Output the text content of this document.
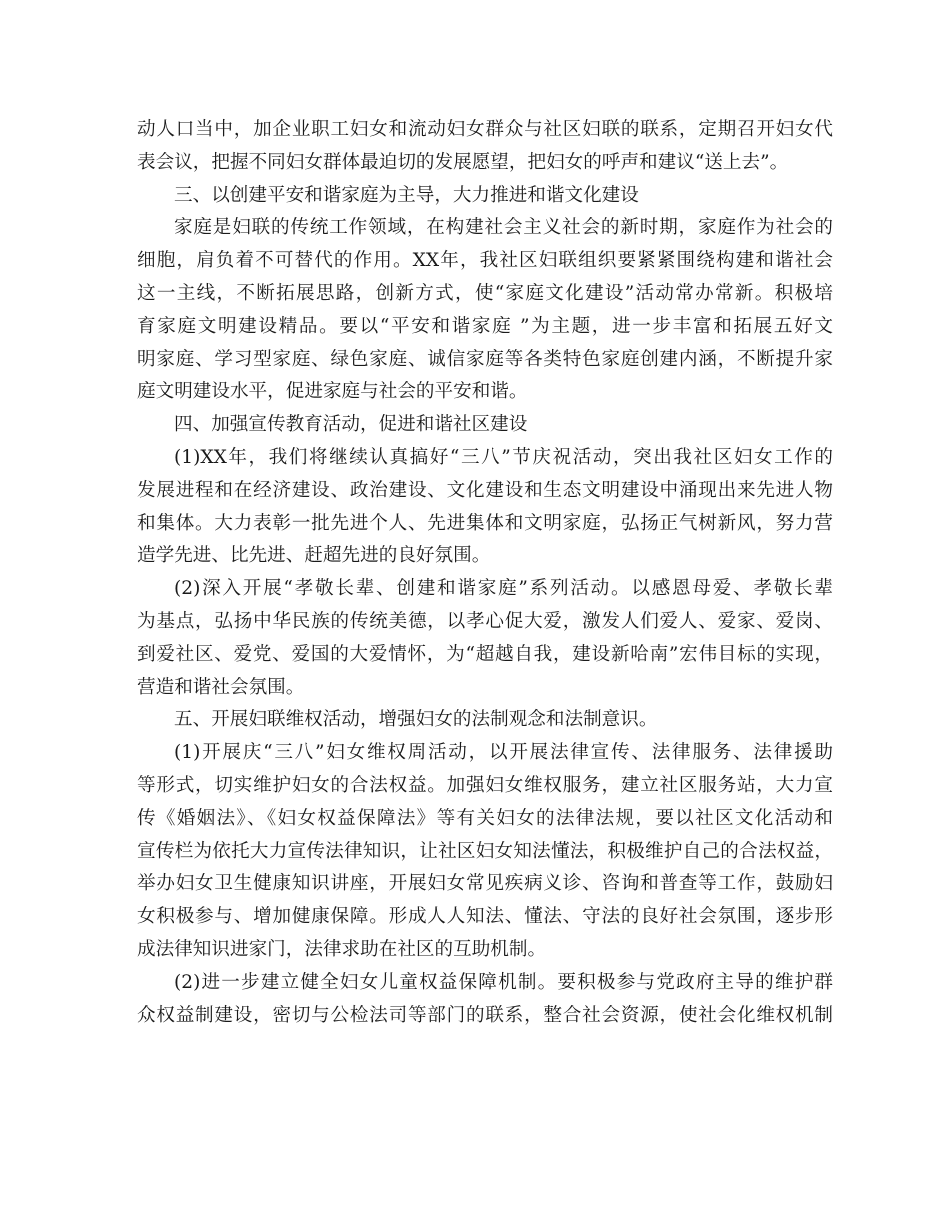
动人口当中，加企业职工妇女和流动妇女群众与社区妇联的联系，定期召开妇女代
表会议，把握不同妇女群体最迫切的发展愿望，把妇女的呼声和建议“送上去”。
三、以创建平安和谐家庭为主导，大力推进和谐文化建设
家庭是妇联的传统工作领域，在构建社会主义社会的新时期，家庭作为社会的
细胞，肩负着不可替代的作用。XX年，我社区妇联组织要紧紧围绕构建和谐社会
这一主线，不断拓展思路，创新方式，使“家庭文化建设”活动常办常新。积极培
育家庭文明建设精品。要以“平安和谐家庭 ”为主题，进一步丰富和拓展五好文
明家庭、学习型家庭、绿色家庭、诚信家庭等各类特色家庭创建内涵，不断提升家
庭文明建设水平，促进家庭与社会的平安和谐。
四、加强宣传教育活动，促进和谐社区建设
(1)XX年，我们将继续认真搞好“三八”节庆祝活动，突出我社区妇女工作的
发展进程和在经济建设、政治建设、文化建设和生态文明建设中涌现出来先进人物
和集体。大力表彰一批先进个人、先进集体和文明家庭，弘扬正气树新风，努力营
造学先进、比先进、赶超先进的良好氛围。
(2)深入开展“孝敬长辈、创建和谐家庭”系列活动。以感恩母爱、孝敬长辈
为基点，弘扬中华民族的传统美德，以孝心促大爱，激发人们爱人、爱家、爱岗、
到爱社区、爱党、爱国的大爱情怀，为“超越自我，建设新哈南”宏伟目标的实现，
营造和谐社会氛围。
五、开展妇联维权活动，增强妇女的法制观念和法制意识。
(1)开展庆“三八”妇女维权周活动，以开展法律宣传、法律服务、法律援助
等形式，切实维护妇女的合法权益。加强妇女维权服务，建立社区服务站，大力宣
传《婚姻法》、《妇女权益保障法》等有关妇女的法律法规，要以社区文化活动和
宣传栏为依托大力宣传法律知识，让社区妇女知法懂法，积极维护自己的合法权益，
举办妇女卫生健康知识讲座，开展妇女常见疾病义诊、咨询和普查等工作，鼓励妇
女积极参与、增加健康保障。形成人人知法、懂法、守法的良好社会氛围，逐步形
成法律知识进家门，法律求助在社区的互助机制。
(2)进一步建立健全妇女儿童权益保障机制。要积极参与党政府主导的维护群
众权益制建设，密切与公检法司等部门的联系，整合社会资源，使社会化维权机制
